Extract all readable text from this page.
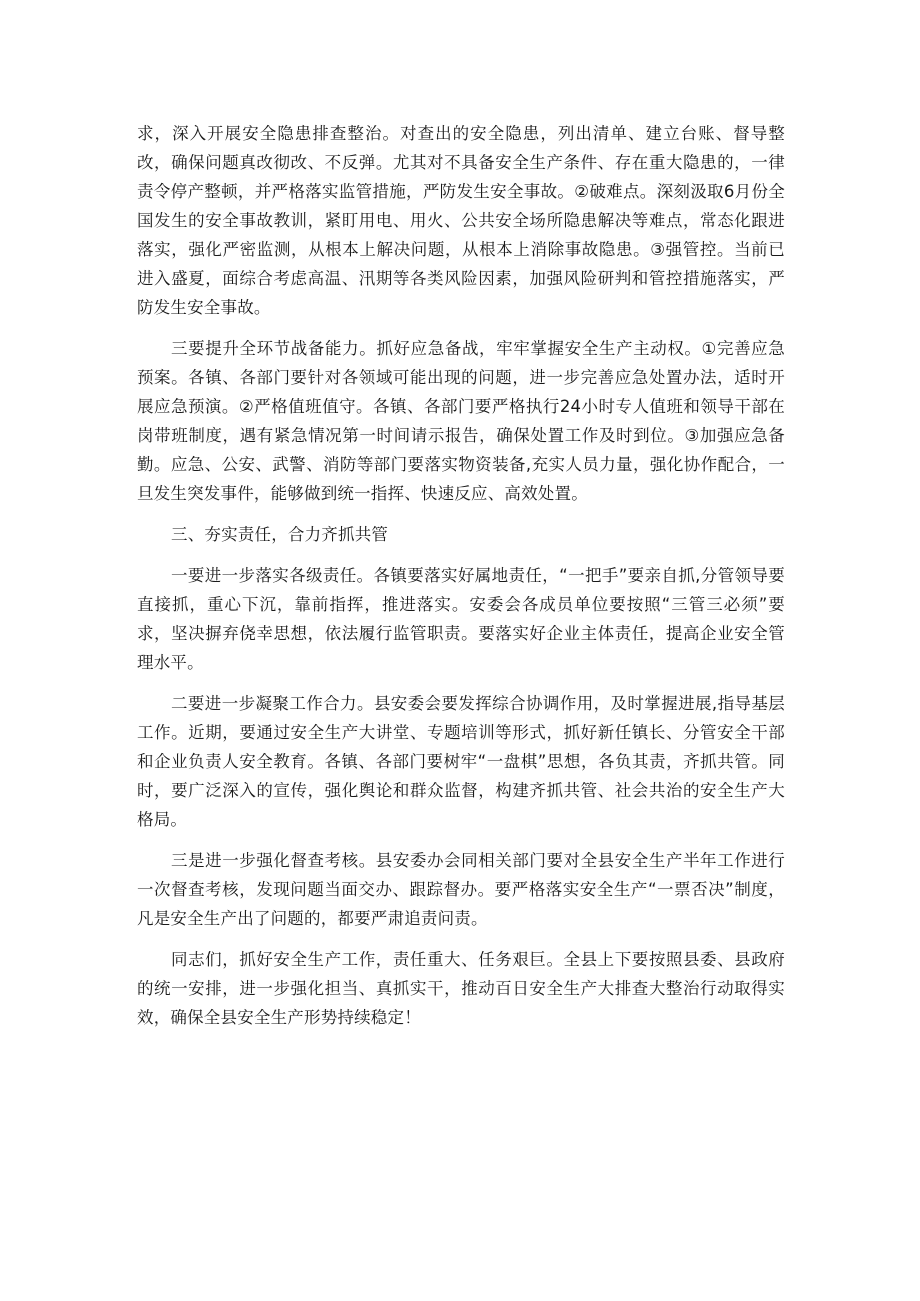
求，深入开展安全隐患排查整治。对查出的安全隐患，列出清单、建立台账、督导整改，确保问题真改彻改、不反弹。尤其对不具备安全生产条件、存在重大隐患的，一律责令停产整顿，并严格落实监管措施，严防发生安全事故。②破难点。深刻汲取6月份全国发生的安全事故教训，紧盯用电、用火、公共安全场所隐患解决等难点，常态化跟进落实，强化严密监测，从根本上解决问题，从根本上消除事故隐患。③强管控。当前已进入盛夏，面综合考虑高温、汛期等各类风险因素，加强风险研判和管控措施落实，严防发生安全事故。

三要提升全环节战备能力。抓好应急备战，牢牢掌握安全生产主动权。①完善应急预案。各镇、各部门要针对各领域可能出现的问题，进一步完善应急处置办法，适时开展应急预演。②严格值班值守。各镇、各部门要严格执行24小时专人值班和领导干部在岗带班制度，遇有紧急情况第一时间请示报告，确保处置工作及时到位。③加强应急备勤。应急、公安、武警、消防等部门要落实物资装备,充实人员力量，强化协作配合，一旦发生突发事件，能够做到统一指挥、快速反应、高效处置。

三、夯实责任，合力齐抓共管

一要进一步落实各级责任。各镇要落实好属地责任，“一把手”要亲自抓,分管领导要直接抓，重心下沉，靠前指挥，推进落实。安委会各成员单位要按照“三管三必须”要求，坚决摒弃侥幸思想，依法履行监管职责。要落实好企业主体责任，提高企业安全管理水平。

二要进一步凝聚工作合力。县安委会要发挥综合协调作用，及时掌握进展,指导基层工作。近期，要通过安全生产大讲堂、专题培训等形式，抓好新任镇长、分管安全干部和企业负责人安全教育。各镇、各部门要树牢“一盘棋”思想，各负其责，齐抓共管。同时，要广泛深入的宣传，强化舆论和群众监督，构建齐抓共管、社会共治的安全生产大格局。

三是进一步强化督查考核。县安委办会同相关部门要对全县安全生产半年工作进行一次督查考核，发现问题当面交办、跟踪督办。要严格落实安全生产“一票否决”制度，凡是安全生产出了问题的，都要严肃追责问责。

同志们，抓好安全生产工作，责任重大、任务艰巨。全县上下要按照县委、县政府的统一安排，进一步强化担当、真抓实干，推动百日安全生产大排查大整治行动取得实效，确保全县安全生产形势持续稳定！
